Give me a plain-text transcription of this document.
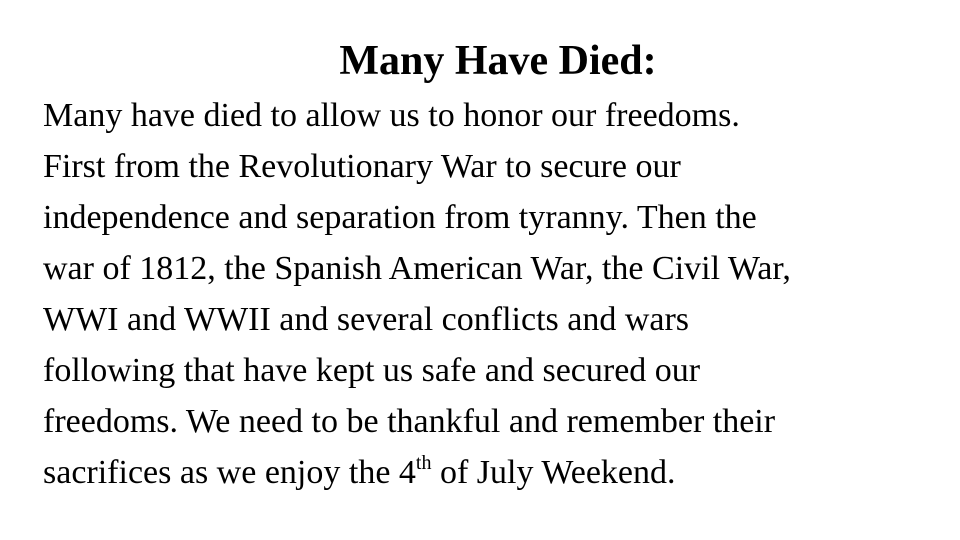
Many Have Died:
Many have died to allow us to honor our freedoms.
First from the Revolutionary War to secure our
independence and separation from tyranny. Then the
war of 1812, the Spanish American War, the Civil War,
WWI and WWII and several conflicts and wars
following that have kept us safe and secured our
freedoms. We need to be thankful and remember their
sacrifices as we enjoy the 4th of July Weekend.
